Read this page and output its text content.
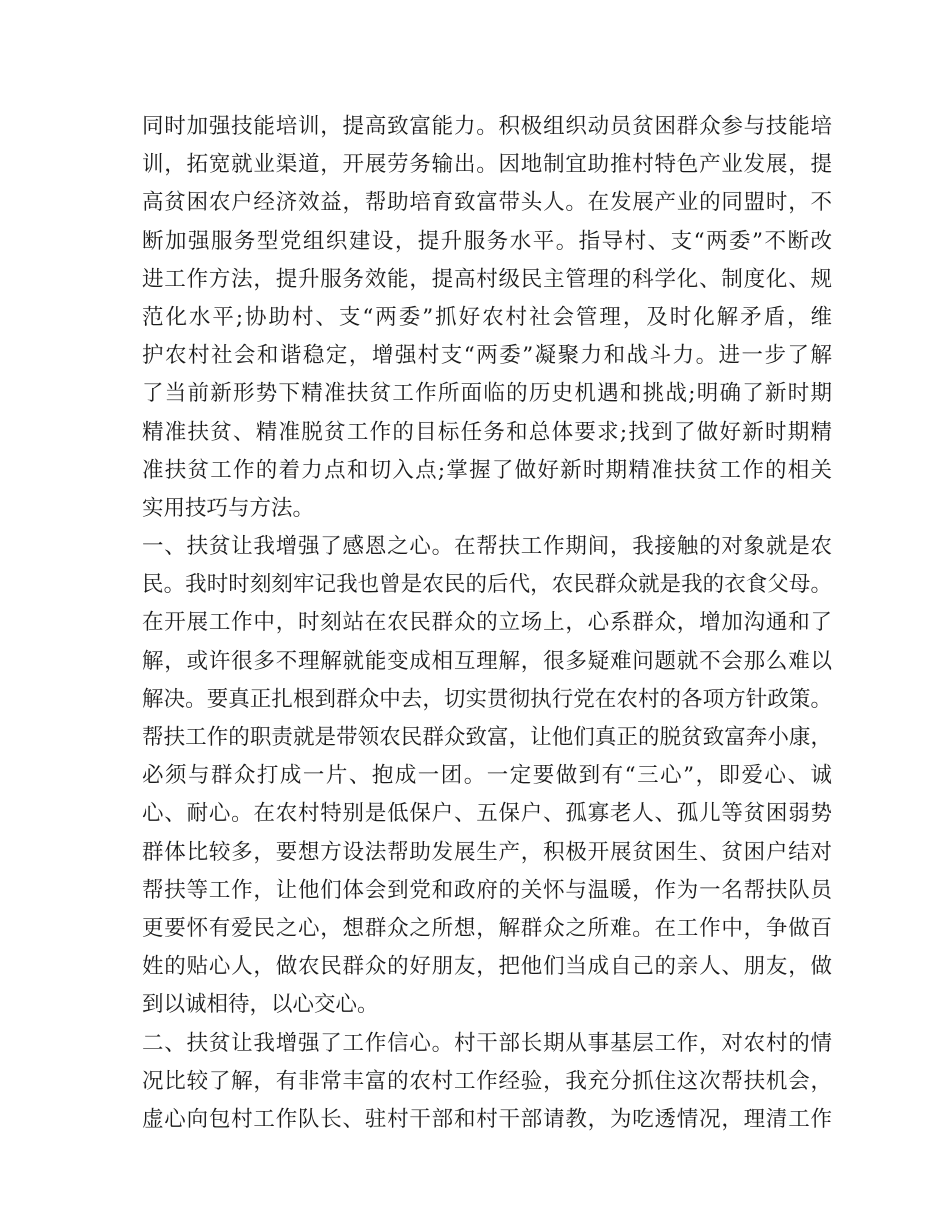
同时加强技能培训，提高致富能力。积极组织动员贫困群众参与技能培
训，拓宽就业渠道，开展劳务输出。因地制宜助推村特色产业发展，提
高贫困农户经济效益，帮助培育致富带头人。在发展产业的同盟时，不
断加强服务型党组织建设，提升服务水平。指导村、支“两委”不断改
进工作方法，提升服务效能，提高村级民主管理的科学化、制度化、规
范化水平;协助村、支“两委”抓好农村社会管理，及时化解矛盾，维
护农村社会和谐稳定，增强村支“两委”凝聚力和战斗力。进一步了解
了当前新形势下精准扶贫工作所面临的历史机遇和挑战;明确了新时期
精准扶贫、精准脱贫工作的目标任务和总体要求;找到了做好新时期精
准扶贫工作的着力点和切入点;掌握了做好新时期精准扶贫工作的相关
实用技巧与方法。
一、扶贫让我增强了感恩之心。在帮扶工作期间，我接触的对象就是农
民。我时时刻刻牢记我也曾是农民的后代，农民群众就是我的衣食父母。
在开展工作中，时刻站在农民群众的立场上，心系群众，增加沟通和了
解，或许很多不理解就能变成相互理解，很多疑难问题就不会那么难以
解决。要真正扎根到群众中去，切实贯彻执行党在农村的各项方针政策。
帮扶工作的职责就是带领农民群众致富，让他们真正的脱贫致富奔小康，
必须与群众打成一片、抱成一团。一定要做到有“三心”，即爱心、诚
心、耐心。在农村特别是低保户、五保户、孤寡老人、孤儿等贫困弱势
群体比较多，要想方设法帮助发展生产，积极开展贫困生、贫困户结对
帮扶等工作，让他们体会到党和政府的关怀与温暖，作为一名帮扶队员
更要怀有爱民之心，想群众之所想，解群众之所难。在工作中，争做百
姓的贴心人，做农民群众的好朋友，把他们当成自己的亲人、朋友，做
到以诚相待，以心交心。
二、扶贫让我增强了工作信心。村干部长期从事基层工作，对农村的情
况比较了解，有非常丰富的农村工作经验，我充分抓住这次帮扶机会，
虚心向包村工作队长、驻村干部和村干部请教，为吃透情况，理清工作
